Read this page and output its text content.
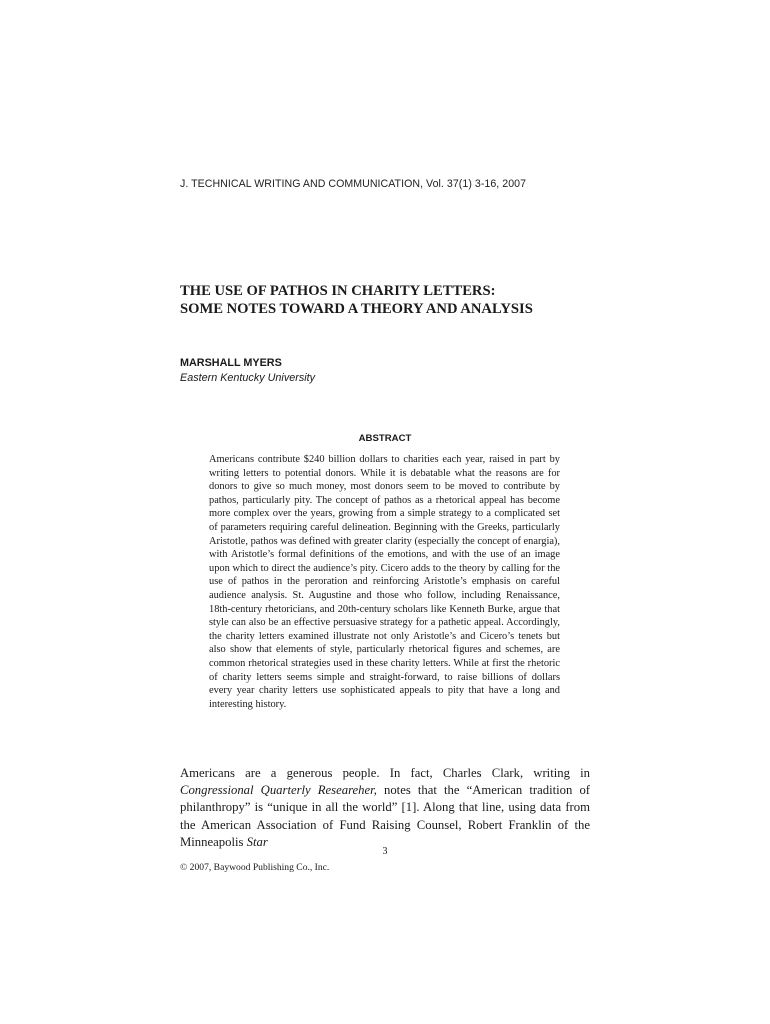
J. TECHNICAL WRITING AND COMMUNICATION, Vol. 37(1) 3-16, 2007
THE USE OF PATHOS IN CHARITY LETTERS:
SOME NOTES TOWARD A THEORY AND ANALYSIS
MARSHALL MYERS
Eastern Kentucky University
ABSTRACT
Americans contribute $240 billion dollars to charities each year, raised in part by writing letters to potential donors. While it is debatable what the reasons are for donors to give so much money, most donors seem to be moved to contribute by pathos, particularly pity. The concept of pathos as a rhetorical appeal has become more complex over the years, growing from a simple strategy to a complicated set of parameters requiring careful delineation. Beginning with the Greeks, particularly Aristotle, pathos was defined with greater clarity (especially the concept of enargia), with Aristotle’s formal definitions of the emotions, and with the use of an image upon which to direct the audience’s pity. Cicero adds to the theory by calling for the use of pathos in the peroration and reinforcing Aristotle’s emphasis on careful audience analysis. St. Augustine and those who follow, including Renaissance, 18th-century rhetoricians, and 20th-century scholars like Kenneth Burke, argue that style can also be an effective persuasive strategy for a pathetic appeal. Accordingly, the charity letters examined illustrate not only Aristotle’s and Cicero’s tenets but also show that elements of style, particularly rhetorical figures and schemes, are common rhetorical strategies used in these charity letters. While at first the rhetoric of charity letters seems simple and straight-forward, to raise billions of dollars every year charity letters use sophisticated appeals to pity that have a long and interesting history.
Americans are a generous people. In fact, Charles Clark, writing in Congressional Quarterly Researeher, notes that the “American tradition of philanthropy” is “unique in all the world” [1]. Along that line, using data from the American Association of Fund Raising Counsel, Robert Franklin of the Minneapolis Star
3
© 2007, Baywood Publishing Co., Inc.
